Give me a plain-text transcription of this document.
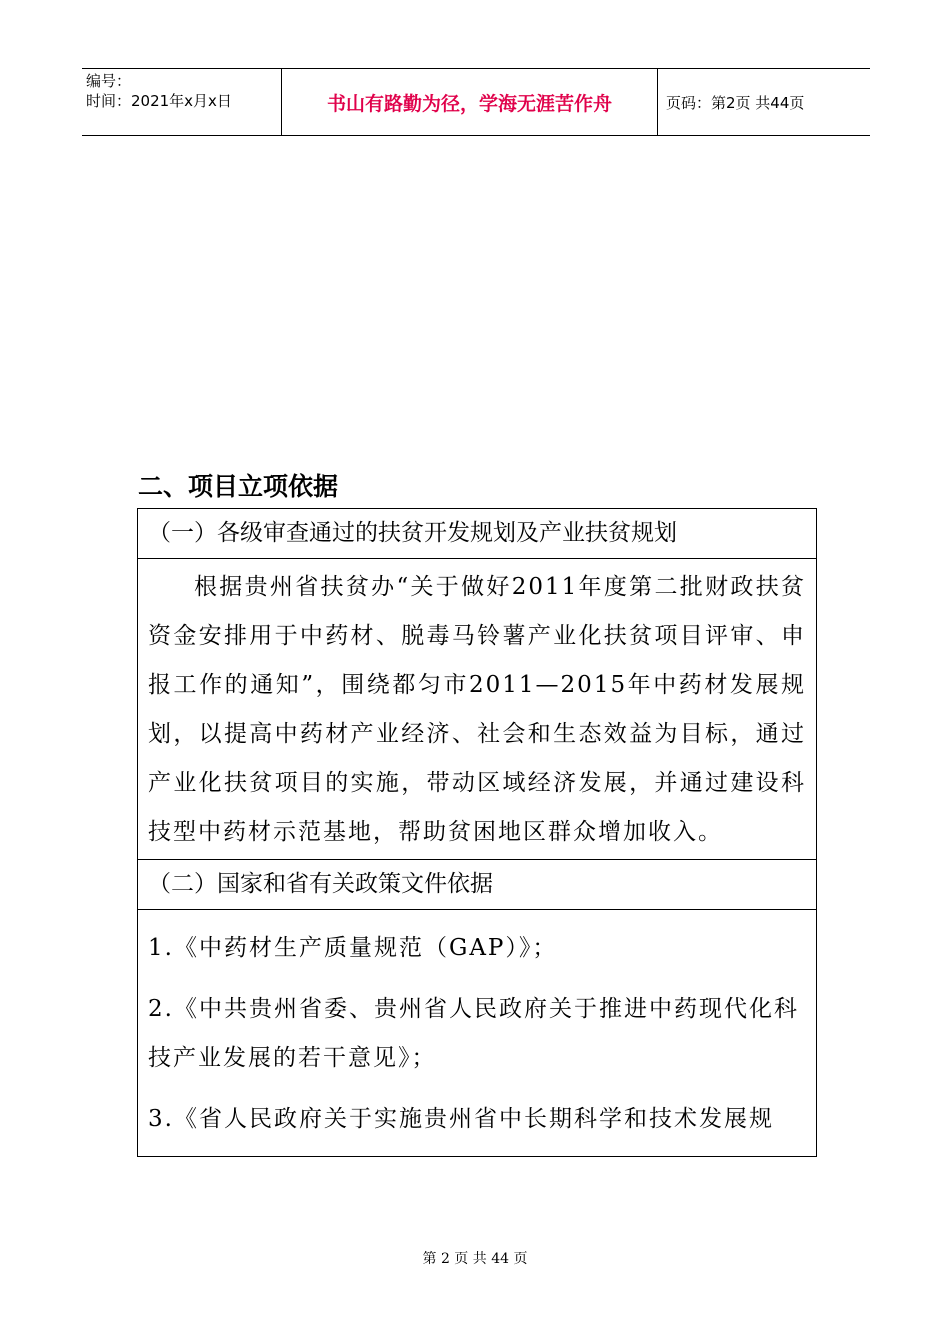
编号：
时间：2021年x月x日	书山有路勤为径，学海无涯苦作舟	页码：第2页 共44页
二、项目立项依据
（一）各级审查通过的扶贫开发规划及产业扶贫规划
根据贵州省扶贫办“关于做好2011年度第二批财政扶贫资金安排用于中药材、脱毒马铃薯产业化扶贫项目评审、申报工作的通知”，围绕都匀市2011—2015年中药材发展规划，以提高中药材产业经济、社会和生态效益为目标，通过产业化扶贫项目的实施，带动区域经济发展，并通过建设科技型中药材示范基地，帮助贫困地区群众增加收入。
（二）国家和省有关政策文件依据

1.《中药材生产质量规范（GAP）》；
2.《中共贵州省委、贵州省人民政府关于推进中药现代化科技产业发展的若干意见》；
3.《省人民政府关于实施贵州省中长期科学和技术发展规
第 2 页 共 44 页
